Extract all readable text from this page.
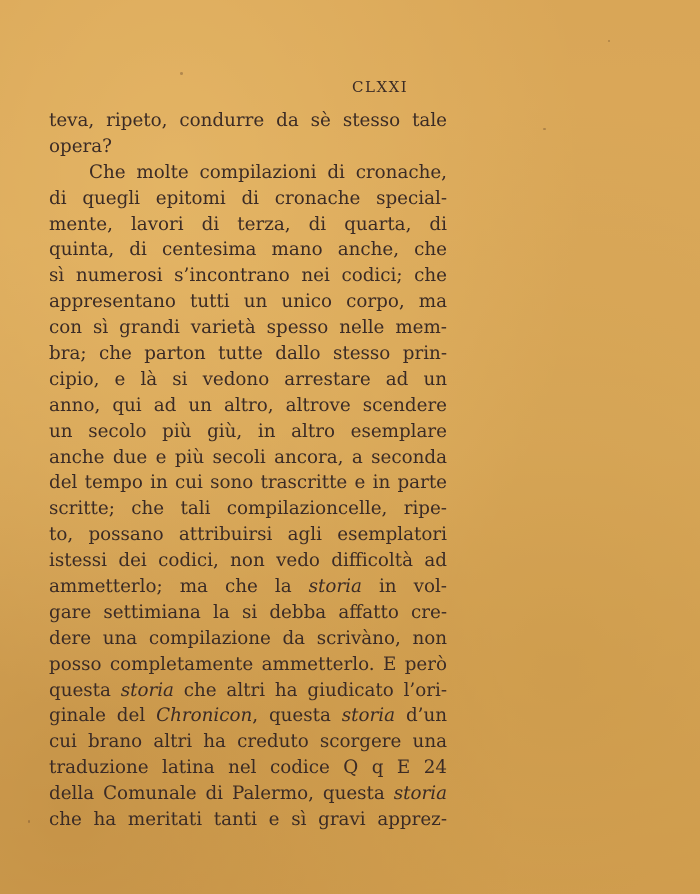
CLXXI
teva, ripeto, condurre da sè stesso tale
opera?
Che molte compilazioni di cronache,
di quegli epitomi di cronache special-
mente, lavori di terza, di quarta, di
quinta, di centesima mano anche, che
sì numerosi s’incontrano nei codici; che
appresentano tutti un unico corpo, ma
con sì grandi varietà spesso nelle mem-
bra; che parton tutte dallo stesso prin-
cipio, e là si vedono arrestare ad un
anno, qui ad un altro, altrove scendere
un secolo più giù, in altro esemplare
anche due e più secoli ancora, a seconda
del tempo in cui sono trascritte e in parte
scritte; che tali compilazioncelle, ripe-
to, possano attribuirsi agli esemplatori
istessi dei codici, non vedo difficoltà ad
ammetterlo; ma che la storia in vol-
gare settimiana la si debba affatto cre-
dere una compilazione da scrivàno, non
posso completamente ammetterlo. E però
questa storia che altri ha giudicato l’ori-
ginale del Chronicon, questa storia d’un
cui brano altri ha creduto scorgere una
traduzione latina nel codice Q q E 24
della Comunale di Palermo, questa storia
che ha meritati tanti e sì gravi apprez-
